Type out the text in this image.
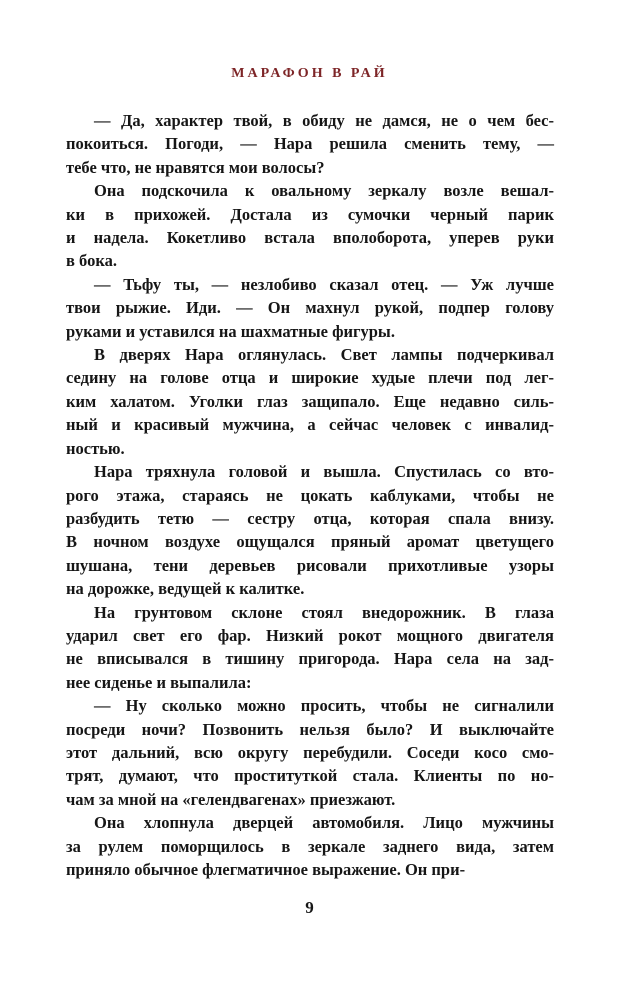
МАРАФОН В РАЙ
— Да, характер твой, в обиду не дамся, не о чем бес-
покоиться. Погоди, — Нара решила сменить тему, —
тебе что, не нравятся мои волосы?
Она подскочила к овальному зеркалу возле вешал-
ки в прихожей. Достала из сумочки черный парик
и надела. Кокетливо встала вполоборота, уперев руки
в бока.
— Тьфу ты, — незлобиво сказал отец. — Уж лучше
твои рыжие. Иди. — Он махнул рукой, подпер голову
руками и уставился на шахматные фигуры.
В дверях Нара оглянулась. Свет лампы подчеркивал
седину на голове отца и широкие худые плечи под лег-
ким халатом. Уголки глаз защипало. Еще недавно силь-
ный и красивый мужчина, а сейчас человек с инвалид-
ностью.
Нара тряхнула головой и вышла. Спустилась со вто-
рого этажа, стараясь не цокать каблуками, чтобы не
разбудить тетю — сестру отца, которая спала внизу.
В ночном воздухе ощущался пряный аромат цветущего
шушана, тени деревьев рисовали прихотливые узоры
на дорожке, ведущей к калитке.
На грунтовом склоне стоял внедорожник. В глаза
ударил свет его фар. Низкий рокот мощного двигателя
не вписывался в тишину пригорода. Нара села на зад-
нее сиденье и выпалила:
— Ну сколько можно просить, чтобы не сигналили
посреди ночи? Позвонить нельзя было? И выключайте
этот дальний, всю округу перебудили. Соседи косо смо-
трят, думают, что проституткой стала. Клиенты по но-
чам за мной на «гелендвагенах» приезжают.
Она хлопнула дверцей автомобиля. Лицо мужчины
за рулем поморщилось в зеркале заднего вида, затем
приняло обычное флегматичное выражение. Он при-
9
